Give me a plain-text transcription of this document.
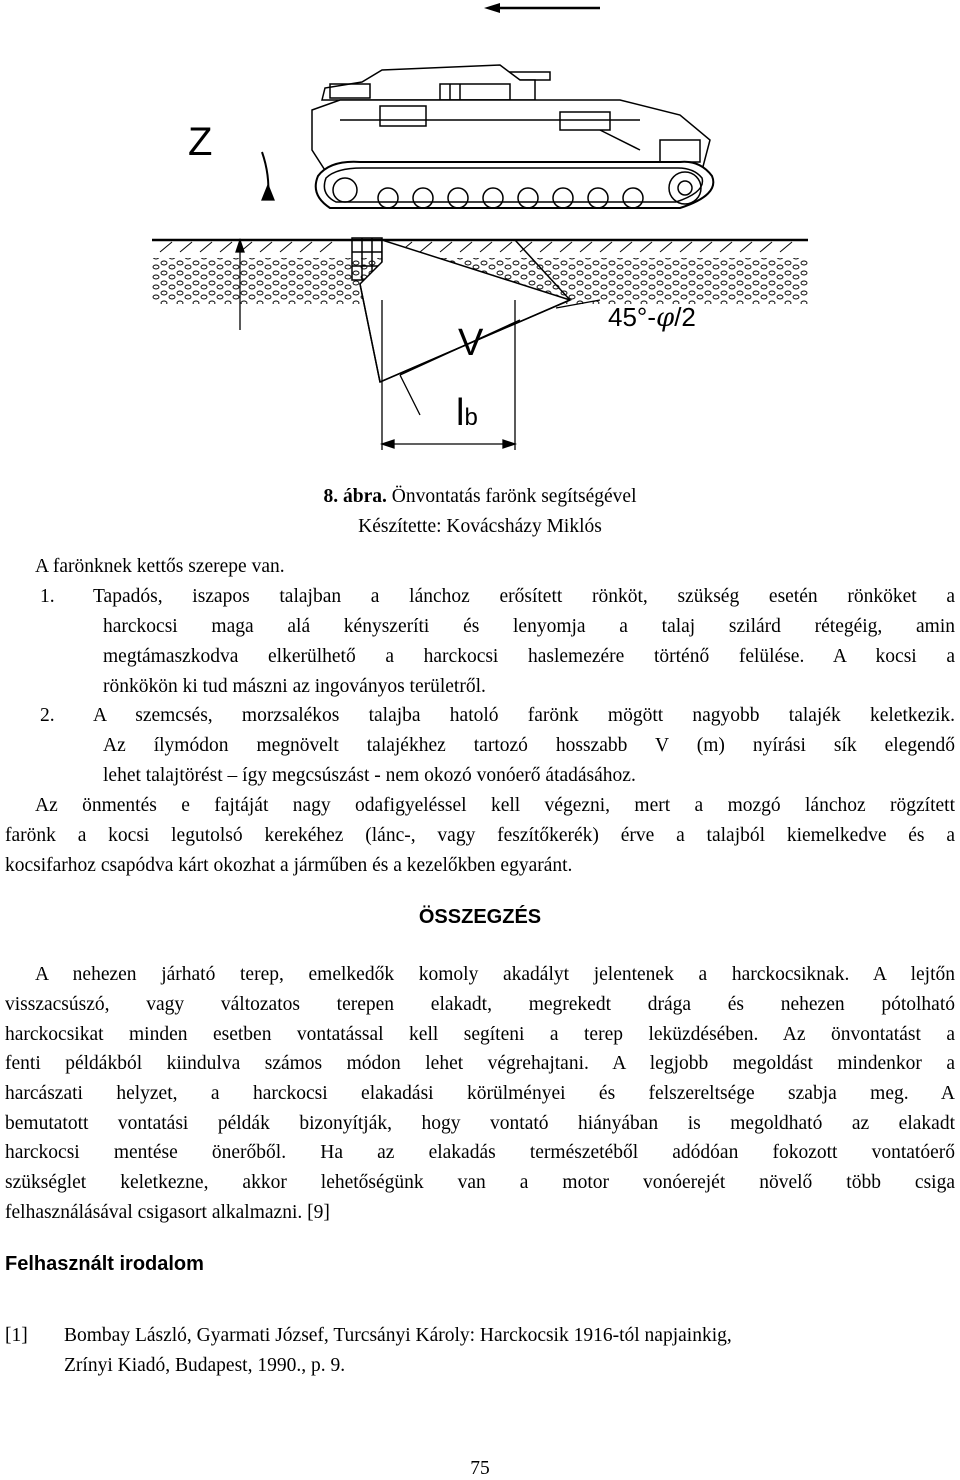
Z
V
lb
45°-φ/2
8. ábra. Önvontatás farönk segítségével
Készítette: Kovácsházy Miklós
A farönknek kettős szerepe van.
1. Tapadós, iszapos talajban a lánchoz erősített rönköt, szükség esetén rönköket a
harckocsi maga alá kényszeríti és lenyomja a talaj szilárd rétegéig, amin
megtámaszkodva elkerülhető a harckocsi haslemezére történő felülése. A kocsi a
rönkökön ki tud mászni az ingoványos területről.
2. A szemcsés, morzsalékos talajba hatoló farönk mögött nagyobb talajék keletkezik.
Az ílymódon megnövelt talajékhez tartozó hosszabb V (m) nyírási sík elegendő
lehet talajtörést – így megcsúszást - nem okozó vonóerő átadásához.
Az önmentés e fajtáját nagy odafigyeléssel kell végezni, mert a mozgó lánchoz rögzített
farönk a kocsi legutolsó kerekéhez (lánc-, vagy feszítőkerék) érve a talajból kiemelkedve és a
kocsifarhoz csapódva kárt okozhat a járműben és a kezelőkben egyaránt.
ÖSSZEGZÉS
A nehezen járható terep, emelkedők komoly akadályt jelentenek a harckocsiknak. A lejtőn
visszacsúszó, vagy változatos terepen elakadt, megrekedt drága és nehezen pótolható
harckocsikat minden esetben vontatással kell segíteni a terep leküzdésében. Az önvontatást a
fenti példákból kiindulva számos módon lehet végrehajtani. A legjobb megoldást mindenkor a
harcászati helyzet, a harckocsi elakadási körülményei és felszereltsége szabja meg. A
bemutatott vontatási példák bizonyítják, hogy vontató hiányában is megoldható az elakadt
harckocsi mentése önerőből. Ha az elakadás természetéből adódóan fokozott vontatóerő
szükséglet keletkezne, akkor lehetőségünk van a motor vonóerejét növelő több csiga
felhasználásával csigasort alkalmazni. [9]
Felhasznált irodalom
[1] Bombay László, Gyarmati József, Turcsányi Károly: Harckocsik 1916-tól napjainkig,
Zrínyi Kiadó, Budapest, 1990., p. 9.
75
